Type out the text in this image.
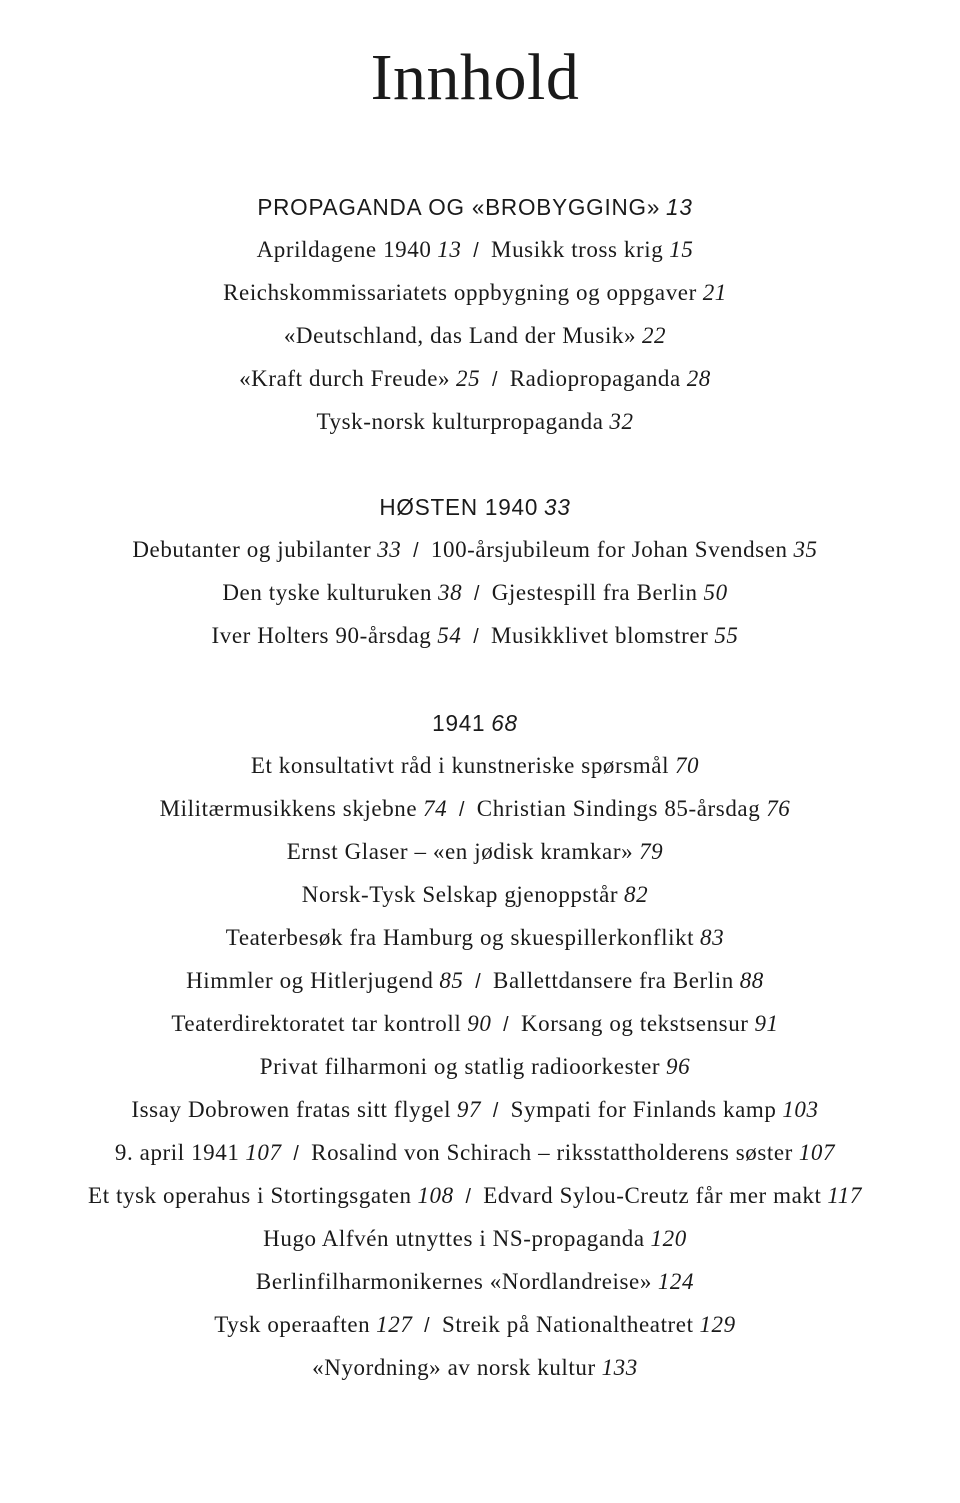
Innhold
PROPAGANDA OG «BROBYGGING» 13
Aprildagene 1940 13 / Musikk tross krig 15
Reichskommissariatets oppbygning og oppgaver 21
«Deutschland, das Land der Musik» 22
«Kraft durch Freude» 25 / Radiopropaganda 28
Tysk-norsk kulturpropaganda 32
HØSTEN 1940 33
Debutanter og jubilanter 33 / 100-årsjubileum for Johan Svendsen 35
Den tyske kulturuken 38 / Gjestespill fra Berlin 50
Iver Holters 90-årsdag 54 / Musikklivet blomstrer 55
1941 68
Et konsultativt råd i kunstneriske spørsmål 70
Militærmusikkens skjebne 74 / Christian Sindings 85-årsdag 76
Ernst Glaser – «en jødisk kramkar» 79
Norsk-Tysk Selskap gjenoppstår 82
Teaterbesøk fra Hamburg og skuespillerkonflikt 83
Himmler og Hitlerjugend 85 / Ballettdansere fra Berlin 88
Teaterdirektoratet tar kontroll 90 / Korsang og tekstsensur 91
Privat filharmoni og statlig radioorkester 96
Issay Dobrowen fratas sitt flygel 97 / Sympati for Finlands kamp 103
9. april 1941 107 / Rosalind von Schirach – riksstattholderens søster 107
Et tysk operahus i Stortingsgaten 108 / Edvard Sylou-Creutz får mer makt 117
Hugo Alfvén utnyttes i NS-propaganda 120
Berlinfilharmonikernes «Nordlandreise» 124
Tysk operaaften 127 / Streik på Nationaltheatret 129
«Nyordning» av norsk kultur 133
